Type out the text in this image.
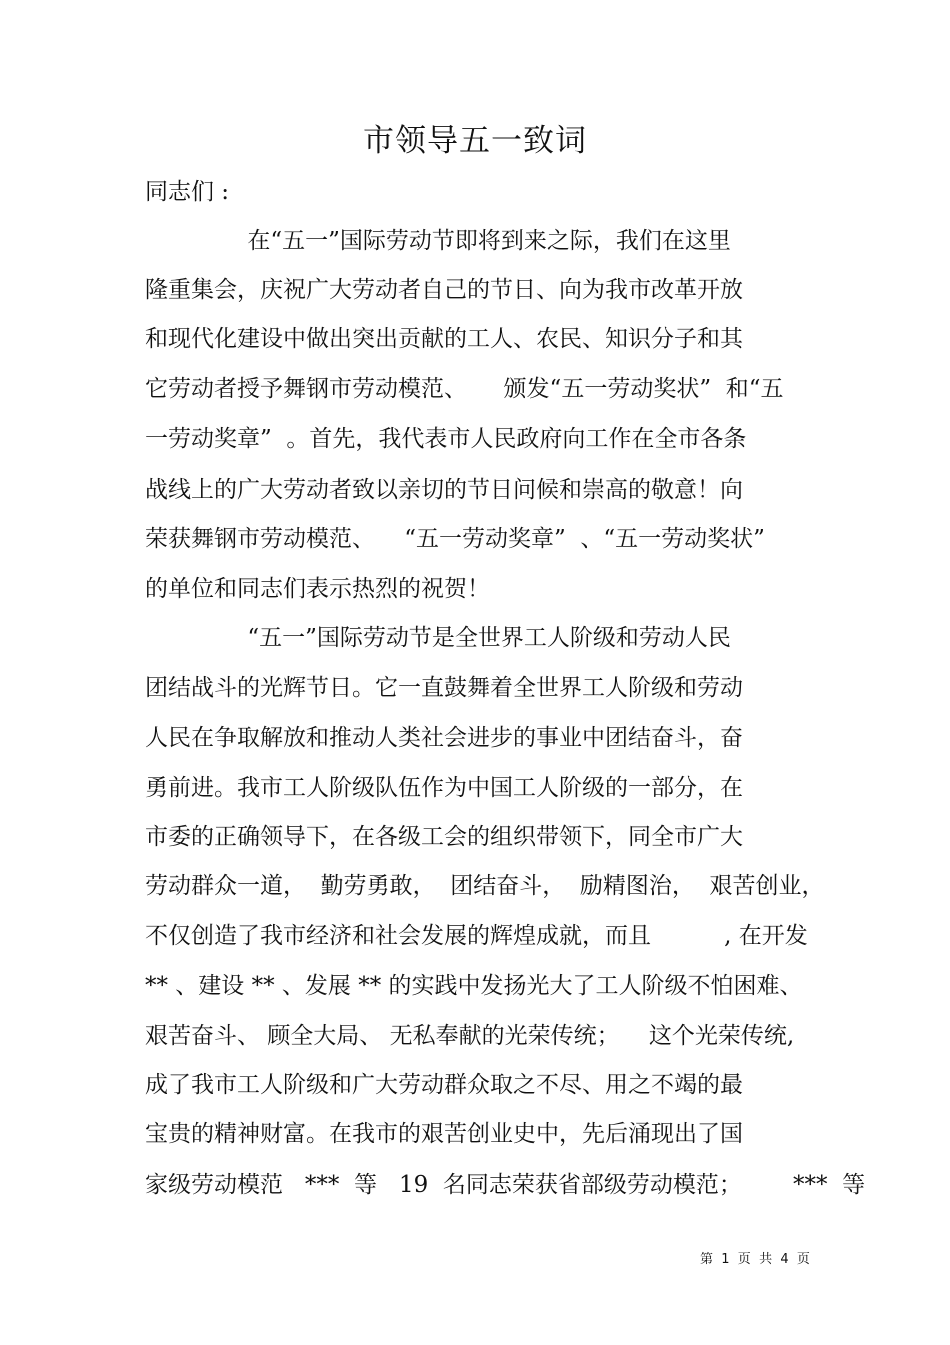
市领导五一致词
同志们 :
在“五一”国际劳动节即将到来之际，我们在这里
隆重集会，庆祝广大劳动者自己的节日、向为我市改革开放
和现代化建设中做出突出贡献的工人、农民、知识分子和其
它劳动者授予舞钢市劳动模范、     颁发“五一劳动奖状”  和“五
一劳动奖章”  。首先，我代表市人民政府向工作在全市各条
战线上的广大劳动者致以亲切的节日问候和崇高的敬意！向
荣获舞钢市劳动模范、    “五一劳动奖章”  、“五一劳动奖状”
的单位和同志们表示热烈的祝贺！
“五一”国际劳动节是全世界工人阶级和劳动人民
团结战斗的光辉节日。它一直鼓舞着全世界工人阶级和劳动
人民在争取解放和推动人类社会进步的事业中团结奋斗，奋
勇前进。我市工人阶级队伍作为中国工人阶级的一部分，在
市委的正确领导下，在各级工会的组织带领下，同全市广大
劳动群众一道，  勤劳勇敢，  团结奋斗，  励精图治，  艰苦创业，
不仅创造了我市经济和社会发展的辉煌成就，而且          , 在开发
** 、建设 ** 、发展 ** 的实践中发扬光大了工人阶级不怕困难、
艰苦奋斗、 顾全大局、 无私奉献的光荣传统；    这个光荣传统,
成了我市工人阶级和广大劳动群众取之不尽、用之不竭的最
宝贵的精神财富。在我市的艰苦创业史中，先后涌现出了国
家级劳动模范   ***  等   19  名同志荣获省部级劳动模范；       ***  等
第  1  页  共  4  页
